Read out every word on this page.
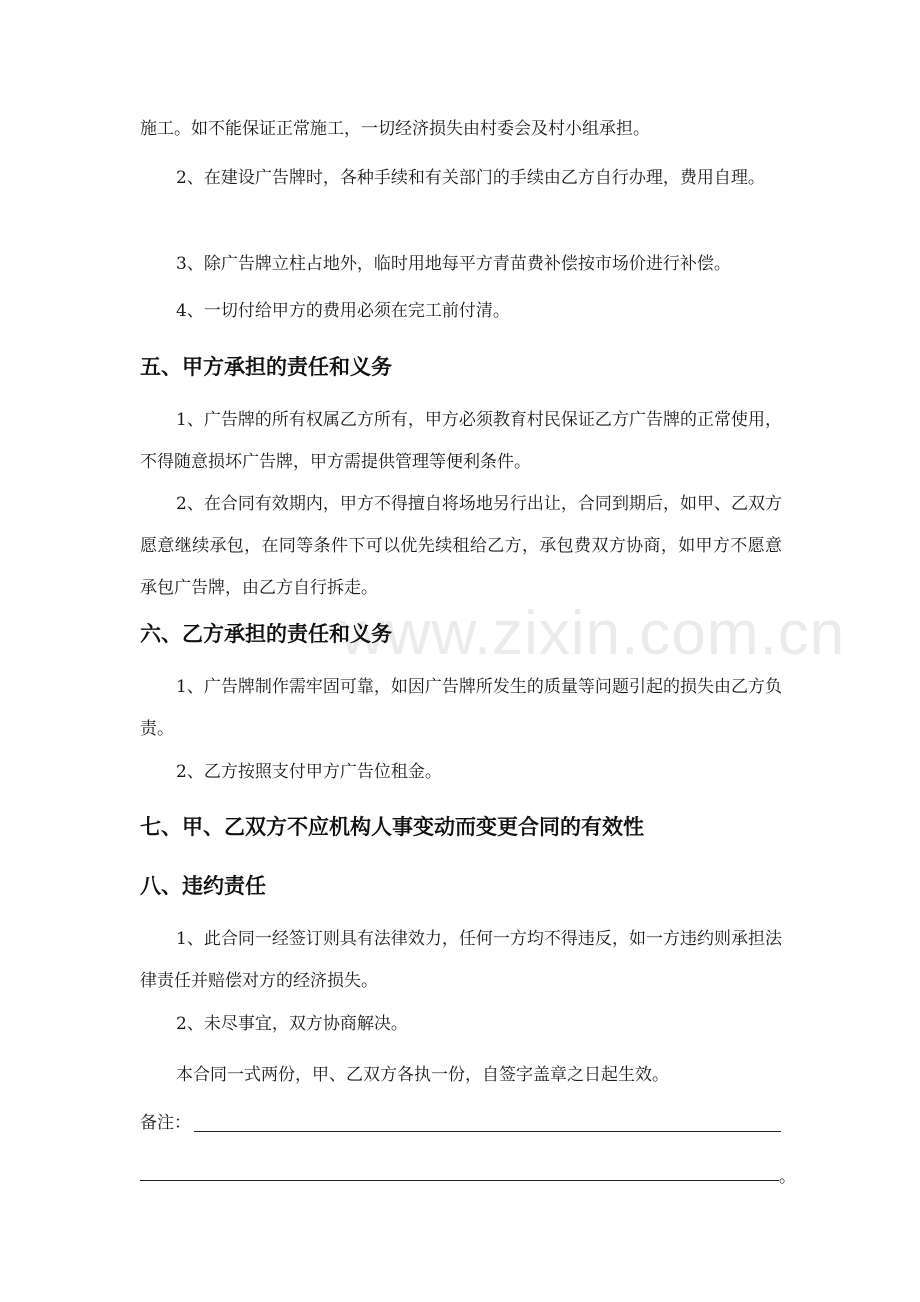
www.zixin.com.cn

施工。如不能保证正常施工，一切经济损失由村委会及村小组承担。

2、在建设广告牌时，各种手续和有关部门的手续由乙方自行办理，费用自理。

3、除广告牌立柱占地外，临时用地每平方青苗费补偿按市场价进行补偿。

4、一切付给甲方的费用必须在完工前付清。

五、甲方承担的责任和义务

1、广告牌的所有权属乙方所有，甲方必须教育村民保证乙方广告牌的正常使用，不得随意损坏广告牌，甲方需提供管理等便利条件。

2、在合同有效期内，甲方不得擅自将场地另行出让，合同到期后，如甲、乙双方愿意继续承包，在同等条件下可以优先续租给乙方，承包费双方协商，如甲方不愿意承包广告牌，由乙方自行拆走。

六、乙方承担的责任和义务

1、广告牌制作需牢固可靠，如因广告牌所发生的质量等问题引起的损失由乙方负责。

2、乙方按照支付甲方广告位租金。

七、甲、乙双方不应机构人事变动而变更合同的有效性
八、违约责任

1、此合同一经签订则具有法律效力，任何一方均不得违反，如一方违约则承担法律责任并赔偿对方的经济损失。

2、未尽事宜，双方协商解决。

本合同一式两份，甲、乙双方各执一份，自签字盖章之日起生效。

备注：
。
